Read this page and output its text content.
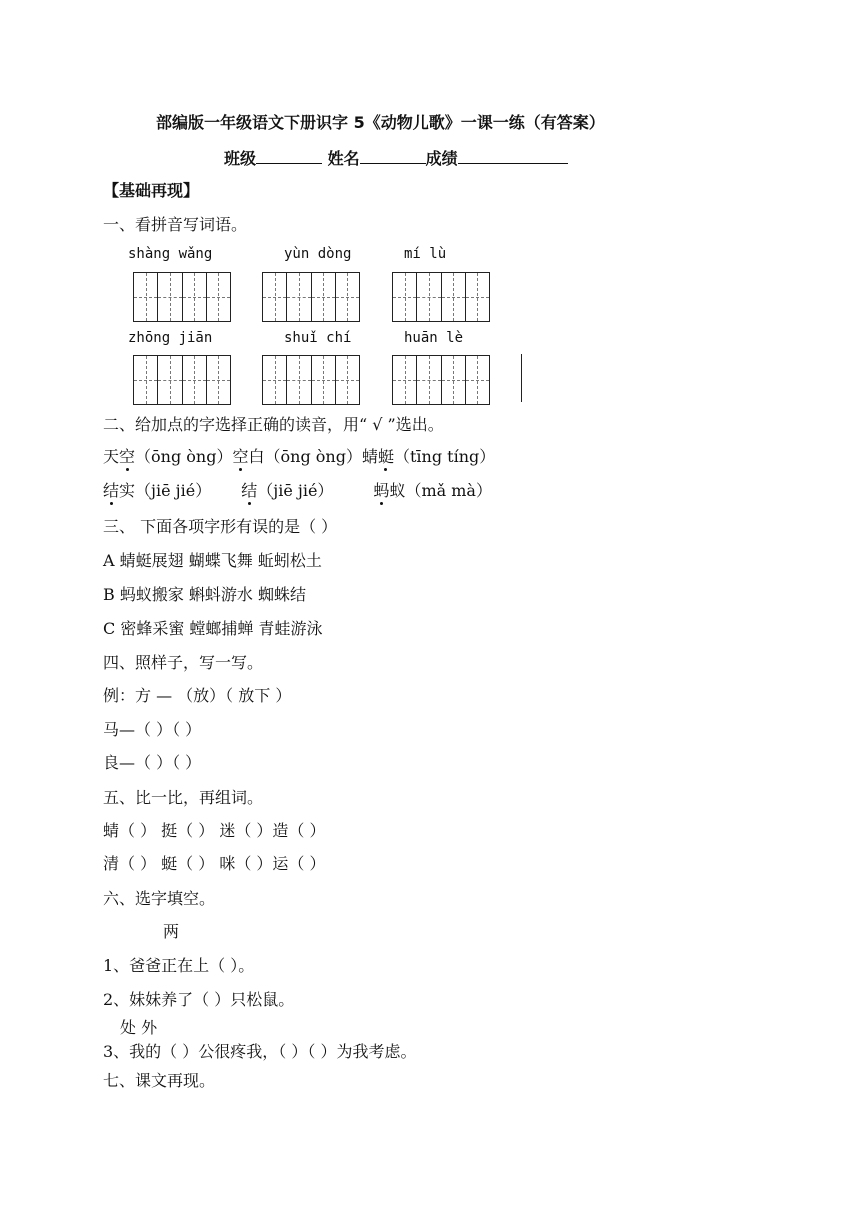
部编版一年级语文下册识字 5《动物儿歌》一课一练（有答案）
班级	姓名	成绩
【基础再现】
一、看拼音写词语。
shàng wǎng	yùn dòng	mí lù
zhōng jiān	shuǐ chí	huān lè
二、给加点的字选择正确的读音，用“ √ ”选出。
天空（ōng òng）空白（ōng òng）蜻蜓（tīng tíng）
结实（jiē jié） 结（jiē jié）	蚂蚁（mǎ mà）
三、 下面各项字形有误的是（ ）
A 蜻蜓展翅 蝴蝶飞舞 蚯蚓松土
B 蚂蚁搬家 蝌蚪游水 蜘蛛结
C 密蜂采蜜 螳螂捕蝉 青蛙游泳
四、照样子，写一写。
例：方 — （放）（ 放下 ）
马—（ ）（ ）
良—（ ）（ ）
五、比一比，再组词。
蜻（ ） 挺（ ） 迷（ ）造（ ）
清（ ） 蜓（ ） 咪（ ）运（ ）
六、选字填空。
两
1、爸爸正在上（ ）。
2、妹妹养了（ ）只松鼠。
处 外
3、我的（ ）公很疼我，（ ）（ ）为我考虑。
七、课文再现。
